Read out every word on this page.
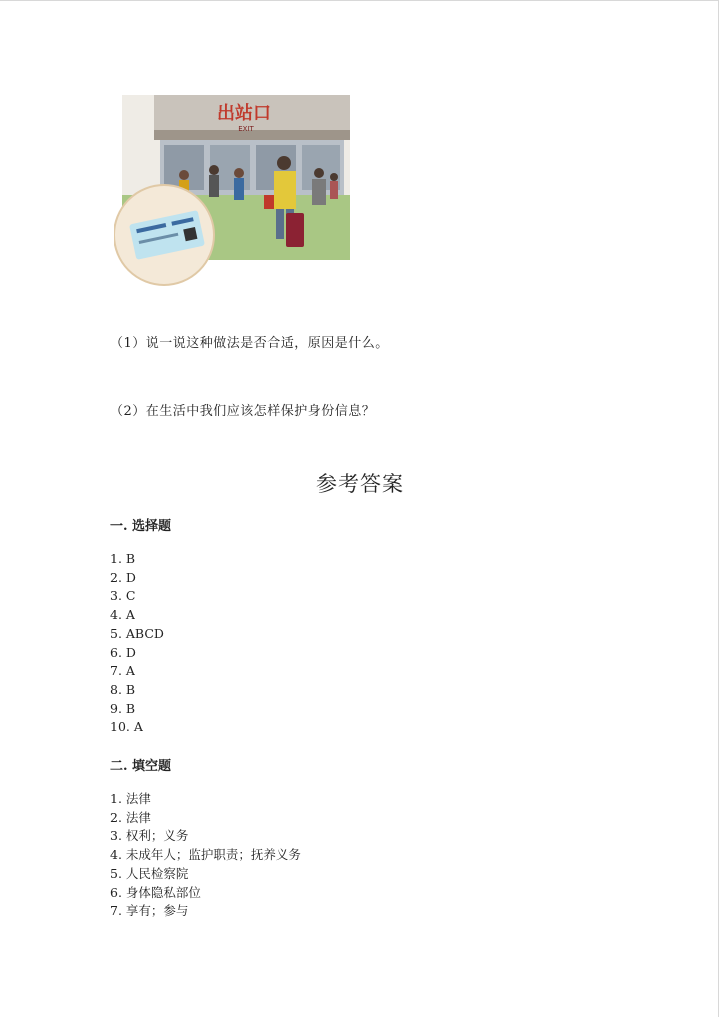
出站口
EXIT
（1）说一说这种做法是否合适，原因是什么。
（2）在生活中我们应该怎样保护身份信息？
参考答案
一. 选择题
1. B
2. D
3. C
4. A
5. ABCD
6. D
7. A
8. B
9. B
10. A
二. 填空题
1. 法律
2. 法律
3. 权利；义务
4. 未成年人；监护职责；抚养义务
5. 人民检察院
6. 身体隐私部位
7. 享有；参与
